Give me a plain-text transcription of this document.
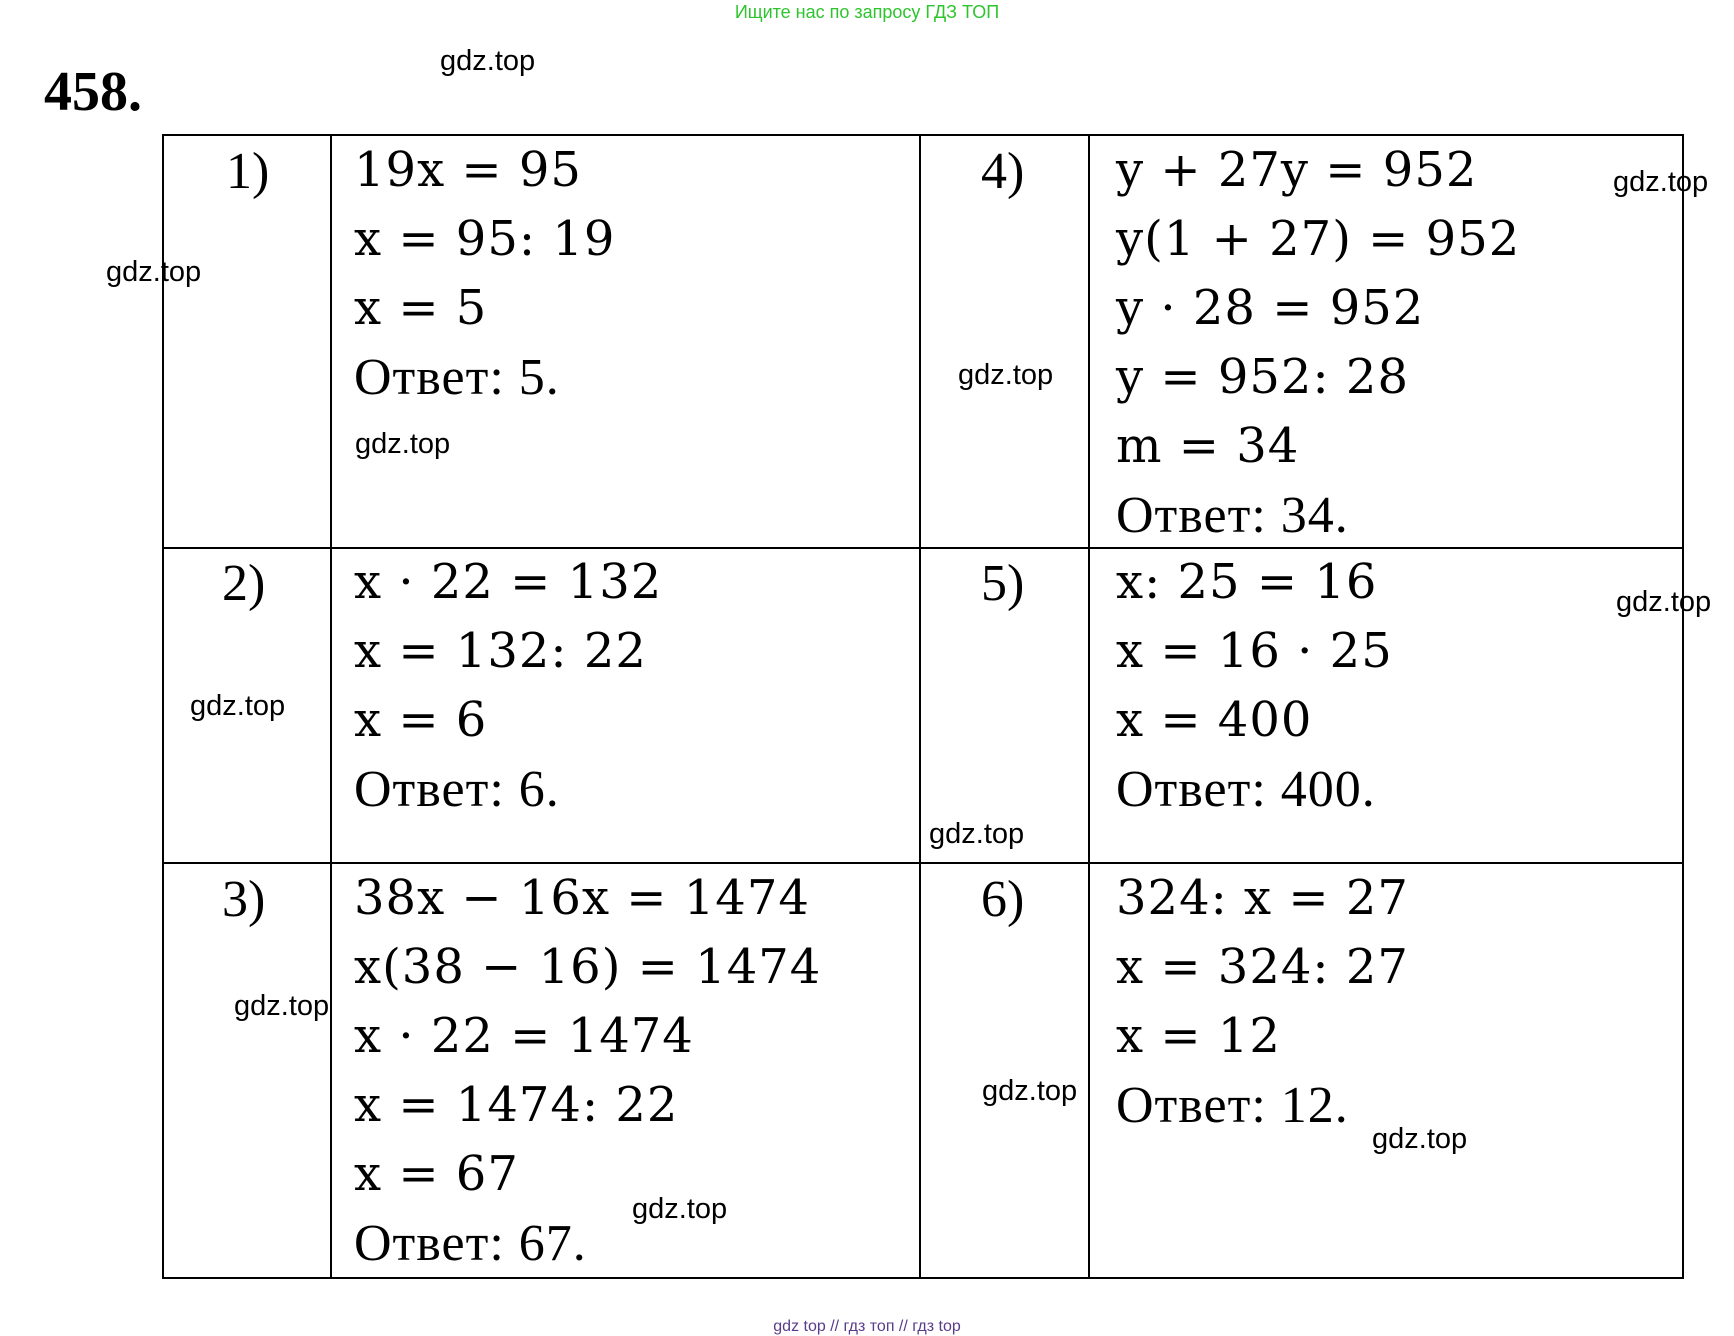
Ищите нас по запросу ГДЗ ТОП
458.
1) 19x = 95
x = 95: 19
x = 5
Ответ: 5.
2) x · 22 = 132
x = 132: 22
x = 6
Ответ: 6.
3) 38x − 16x = 1474
x(38 − 16) = 1474
x · 22 = 1474
x = 1474: 22
x = 67
Ответ: 67.
4) y + 27y = 952
y(1 + 27) = 952
y · 28 = 952
y = 952: 28
m = 34
Ответ: 34.
5) x: 25 = 16
x = 16 · 25
x = 400
Ответ: 400.
6) 324: x = 27
x = 324: 27
x = 12
Ответ: 12.
gdz.top
gdz.top
gdz.top
gdz.top
gdz.top
gdz.top
gdz.top
gdz.top
gdz.top
gdz.top
gdz.top
gdz.top
gdz top // гдз топ // гдз top
